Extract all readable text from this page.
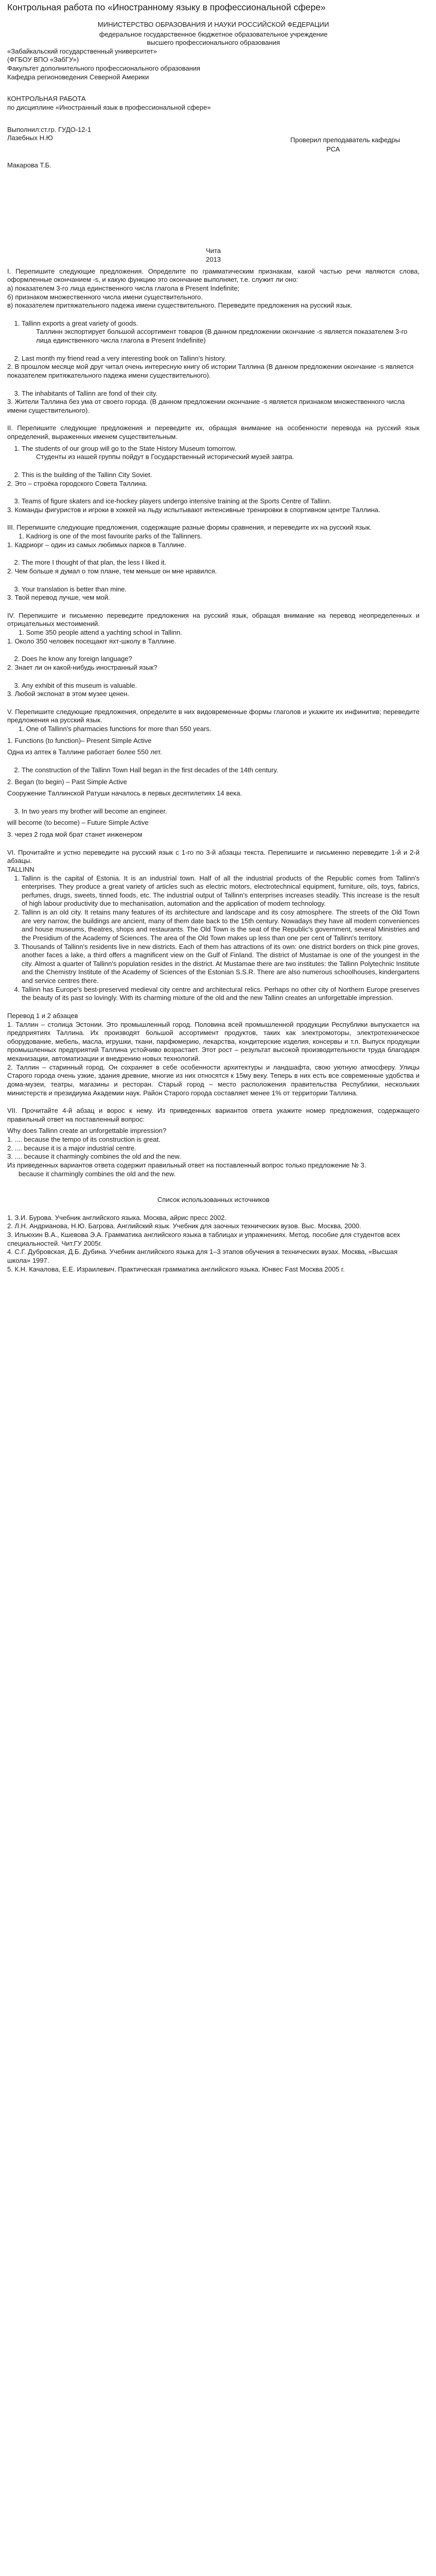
Контрольная работа по «Иностранному языку в профессиональной сфере»

МИНИСТЕРСТВО ОБРАЗОВАНИЯ И НАУКИ РОССИЙСКОЙ ФЕДЕРАЦИИ

федеральное государственное бюджетное образовательное учреждение

высшего профессионального образования

«Забайкальский государственный университет»

(ФГБОУ ВПО «ЗабГУ»)

Факультет дополнительного профессионального образования

Кафедра регионоведения Северной Америки

КОНТРОЛЬНАЯ РАБОТА

по дисциплине «Иностранный язык в профессиональной сфере»

Выполнил:ст.гр. ГУДО-12-1

Лазебных Н.Ю	Проверил преподаватель кафедры

РСА

Макарова Т.Б.

Чита

2013

I. Перепишите следующие предложения. Определите по грамматическим признакам, какой частью речи являются слова, оформленные окончанием -s, и какую функцию это окончание выполняет, т.е. служит ли оно:

а) показателем 3-го лица единственного числа глагола в Present Indefinite;

б) признаком множественного числа имени существительного.

в) показателем притяжательного падежа имени существительного. Переведите предложения на русский язык.

1. Tallinn exports a great variety of goods.

Таллинн экспортирует большой ассортимент товаров (В данном предложении окончание -s является показателем 3-го лица единственного числа глагола в Present Indefinite)

2. Last month my friend read a very interesting book on Tallinn's history.

2. В прошлом месяце мой друг читал очень интересную книгу об истории Таллина (В данном предложении окончание -s является показателем притяжательного падежа имени существительного).

3. The inhabitants of Tallinn are fond of their city.

3. Жители Таллина без ума от своего города. (В данном предложении окончание -s является признаком множественного числа имени существительного).

II. Перепишите следующие предложения и переведите их, обращая внимание на особенности перевода на русский язык определений, выраженных именем существительным.

1. The students of our group will go to the State History Museum tomorrow.

Студенты из нашей группы пойдут в Государственный исторический музей завтра.

2. This is the building of the Tallinn City Soviet.

2. Это – строёка городского Совета Таллина.

3. Teams of figure skaters and ice-hockey players undergo intensive training at the Sports Centre of Tallinn.

3. Команды фигуристов и игроки в хоккей на льду испытывают интенсивные тренировки в спортивном центре Таллина.

III. Перепишите следующие предложения, содержащие разные формы сравнения, и переведите их на русский язык.

1. Kadriorg is one of the most favourite parks of the Tallinners.

1. Кадриорг – один из самых любимых парков в Таллине.

2. The more I thought of that plan, the less I liked it.

2. Чем больше я думал о том плане, тем меньше он мне нравился.

3. Your translation is better than mine.

3. Твой перевод лучше, чем мой.

IV. Перепишите и письменно переведите предложения на русский язык, обращая внимание на перевод неопределенных и отрицательных местоимений.

1. Some 350 people attend a yachting school in Tallinn.

1. Около 350 человек посещают яхт-школу в Таллине.

2. Does he know any foreign language?

2. Знает ли он какой-нибудь иностранный язык?

3. Any exhibit of this museum is valuable.

3. Любой экспонат в этом музее ценен.

V. Перепишите следующие предложения, определите в них видовременные формы глаголов и укажите их инфинитив; переведите предложения на русский язык.

1. One of Tallinn's pharmacies functions for more than 550 years.

1. Functions (to function)– Present Simple Active

Одна из аптек в Таллине работает более 550 лет.

2. The construction of the Tallinn Town Hall began in the first decades of the 14th century.

2. Began (to begin) – Past Simple Active

Сооружение Таллинской Ратуши началось в первых десятилетиях 14 века.

3. In two years my brother will become an engineer.

will become (to become) – Future Simple Active

3. через 2 года мой брат станет инженером

VI. Прочитайте и устно переведите на русский язык с 1-го по 3-й абзацы текста. Перепишите и письменно переведите 1-й и 2-й абзацы.

TALLINN

1. Tallinn is the capital of Estonia. It is an industrial town. Half of all the industrial products of the Republic comes from Tallinn's enterprises. They produce a great variety of articles such as electric motors, electrotechnical equipment, furniture, oils, toys, fabrics, perfumes, drugs, sweets, tinned foods, etc. The industrial output of Tallinn's enterprises increases steadily. This increase is the result of high labour productivity due to mechanisation, automation and the application of modern technology.
2. Tallinn is an old city. It retains many features of its architecture and landscape and its cosy atmosphere. The streets of the Old Town are very narrow, the buildings are ancient, many of them date back to the 15th century. Nowadays they have all modern conveniences and house museums, theatres, shops and restaurants. The Old Town is the seat of the Republic's government, several Ministries and the Presidium of the Academy of Sciences. The area of the Old Town makes up less than one per cent of Tallinn's territory.
3. Thousands of Tallinn's residents live in new districts. Each of them has attractions of its own: one district borders on thick pine groves, another faces a lake, a third offers a magnificent view on the Gulf of Finland. The district of Mustamae is one of the youngest in the city. Almost a quarter of Tallinn's population resides in the district. At Mustamae there are two institutes: the Tallinn Polytechnic Institute and the Chemistry Institute of the Academy of Sciences of the Estonian S.S.R. There are also numerous schoolhouses, kindergartens and service centres there.
4. Tallinn has Europe's best-preserved medieval city centre and architectural relics. Perhaps no other city of Northern Europe preserves the beauty of its past so lovingly. With its charming mixture of the old and the new Tallinn creates an unforgettable impression.

Перевод 1 и 2 абзацев

1. Таллин – столица Эстонии. Это промышленный город. Половина всей промышленной продукции Республики выпускается на предприятиях Таллина. Их производят большой ассортимент продуктов, таких как электромоторы, электротехническое оборудование, мебель, масла, игрушки, ткани, парфюмерию, лекарства, кондитерские изделия, консервы и т.п. Выпуск продукции промышленных предприятий Таллина устойчиво возрастает. Этот рост – результат высокой производительности труда благодаря механизации, автоматизации и внедрению новых технологий.

2. Таллин – старинный город. Он сохраняет в себе особенности архитектуры и ландшафта, свою уютную атмосферу. Улицы Старого города очень узкие, здания древние, многие из них относятся к 15му веку. Теперь в них есть все современные удобства и дома-музеи, театры, магазины и ресторан. Старый город – место расположения правительства Республики, нескольких министерств и президиума Академии наук. Район Старого города составляет менее 1% от территории Таллина.

VII. Прочитайте 4-й абзац и ворос к нему. Из приведенных вариантов ответа укажите номер предложения, содержащего правильный ответ на поставленный вопрос:

Why does Tallinn create an unforgettable impression?

1. .... because the tempo of its construction is great.

2. .... because it is a major industrial centre.

3. .... because it charmingly combines the old and the new.

Из приведенных вариантов ответа содержит правильный ответ на поставленный вопрос только предложение № 3.

because it charmingly combines the old and the new.

Список использованных источников

1. З.И. Бурова. Учебник английского языка. Москва, айрис пресс 2002.

2. Л.Н. Андрианова, Н.Ю. Багрова. Английский язык. Учебник для заочных технических вузов. Выс. Москва, 2000.

3. Ильюхин В.А., Кшевова Э.А. Грамматика английского языка в таблицах и упражнениях. Метод. пособие для студентов всех специальностей. Чит.ГУ 2005г.

4. С.Г. Дубровская, Д.Б. Дубина. Учебник английского языка для 1–3 этапов обучения в технических вузах. Москва, «Высшая школа» 1997.

5. К.Н. Качалова, Е.Е. Израилевич. Практическая грамматика английского языка. Юнвес Fast Москва 2005 г.
